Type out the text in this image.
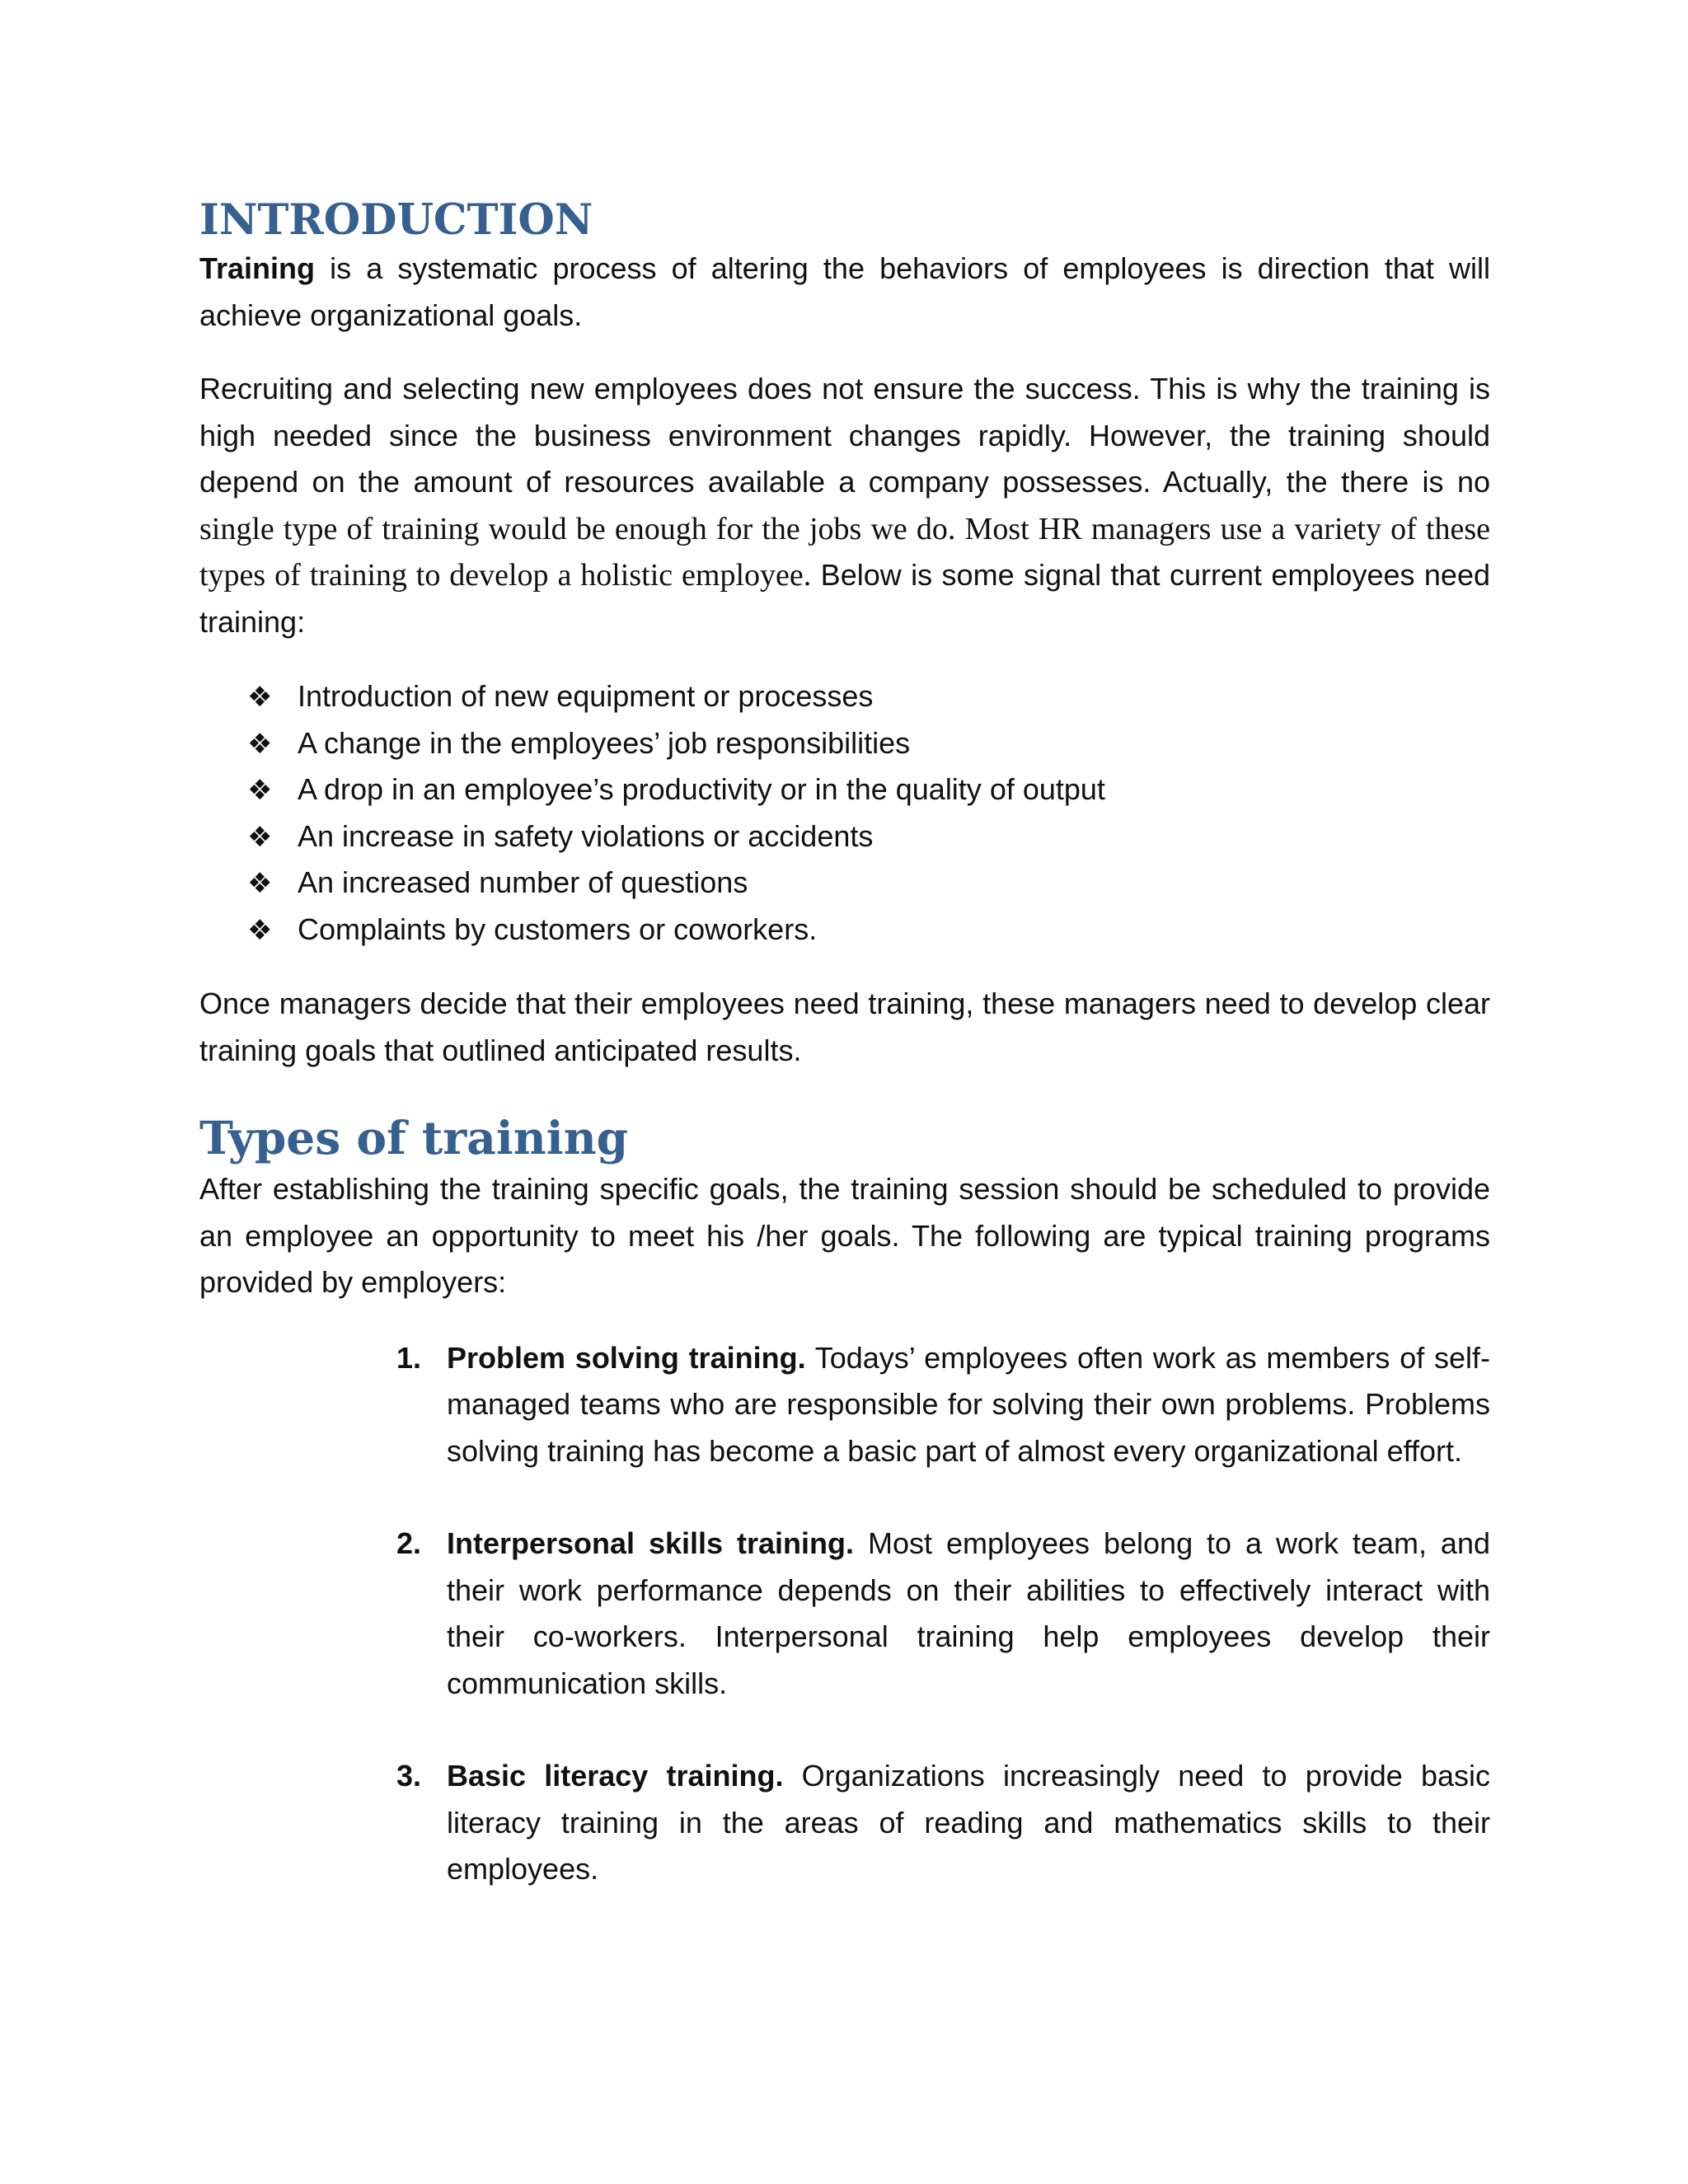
INTRODUCTION

Training is a systematic process of altering the behaviors of employees is direction that will achieve organizational goals.

Recruiting and selecting new employees does not ensure the success. This is why the training is high needed since the business environment changes rapidly. However, the training should depend on the amount of resources available a company possesses. Actually, the there is no single type of training would be enough for the jobs we do. Most HR managers use a variety of these types of training to develop a holistic employee. Below is some signal that current employees need training:

❖ Introduction of new equipment or processes
❖ A change in the employees’ job responsibilities
❖ A drop in an employee’s productivity or in the quality of output
❖ An increase in safety violations or accidents
❖ An increased number of questions
❖ Complaints by customers or coworkers.

Once managers decide that their employees need training, these managers need to develop clear training goals that outlined anticipated results.

Types of training

After establishing the training specific goals, the training session should be scheduled to provide an employee an opportunity to meet his /her goals. The following are typical training programs provided by employers:

1. Problem solving training. Todays’ employees often work as members of self-managed teams who are responsible for solving their own problems. Problems solving training has become a basic part of almost every organizational effort.
2. Interpersonal skills training. Most employees belong to a work team, and their work performance depends on their abilities to effectively interact with their co-workers. Interpersonal training help employees develop their communication skills.
3. Basic literacy training. Organizations increasingly need to provide basic literacy training in the areas of reading and mathematics skills to their employees.
